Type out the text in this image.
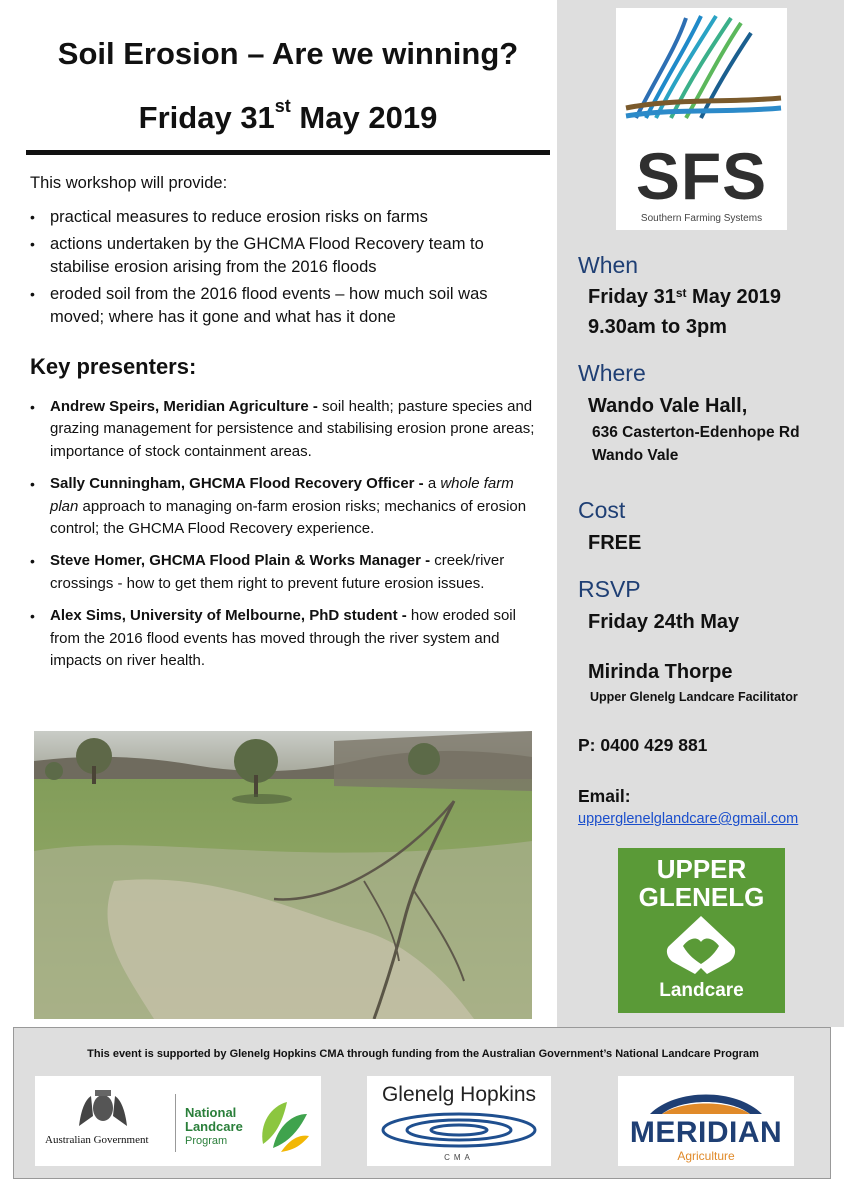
Soil Erosion – Are we winning?
Friday 31st May 2019
This workshop will provide:
• practical measures to reduce erosion risks on farms
• actions undertaken by the GHCMA Flood Recovery team to stabilise erosion arising from the 2016 floods
• eroded soil from the 2016 flood events – how much soil was moved; where has it gone and what has it done
Key presenters:
• Andrew Speirs, Meridian Agriculture - soil health; pasture species and grazing management for persistence and stabilising erosion prone areas; importance of stock containment areas.
• Sally Cunningham, GHCMA Flood Recovery Officer - a whole farm plan approach to managing on-farm erosion risks; mechanics of erosion control; the GHCMA Flood Recovery experience.
• Steve Homer, GHCMA Flood Plain & Works Manager - creek/river crossings - how to get them right to prevent future erosion issues.
• Alex Sims, University of Melbourne, PhD student - how eroded soil from the 2016 flood events has moved through the river system and impacts on river health.
SFS
Southern Farming Systems
When
Friday 31st May 2019
9.30am to 3pm
Where
Wando Vale Hall,
636 Casterton-Edenhope Rd
Wando Vale
Cost
FREE
RSVP
Friday 24th May
Mirinda Thorpe
Upper Glenelg Landcare Facilitator
P: 0400 429 881
Email:
upperglenelglandcare@gmail.com
UPPER
GLENELG
Landcare
This event is supported by Glenelg Hopkins CMA through funding from the Australian Government’s National Landcare Program
Australian Government
National
Landcare
Program
Glenelg Hopkins
CMA
MERIDIAN
Agriculture
